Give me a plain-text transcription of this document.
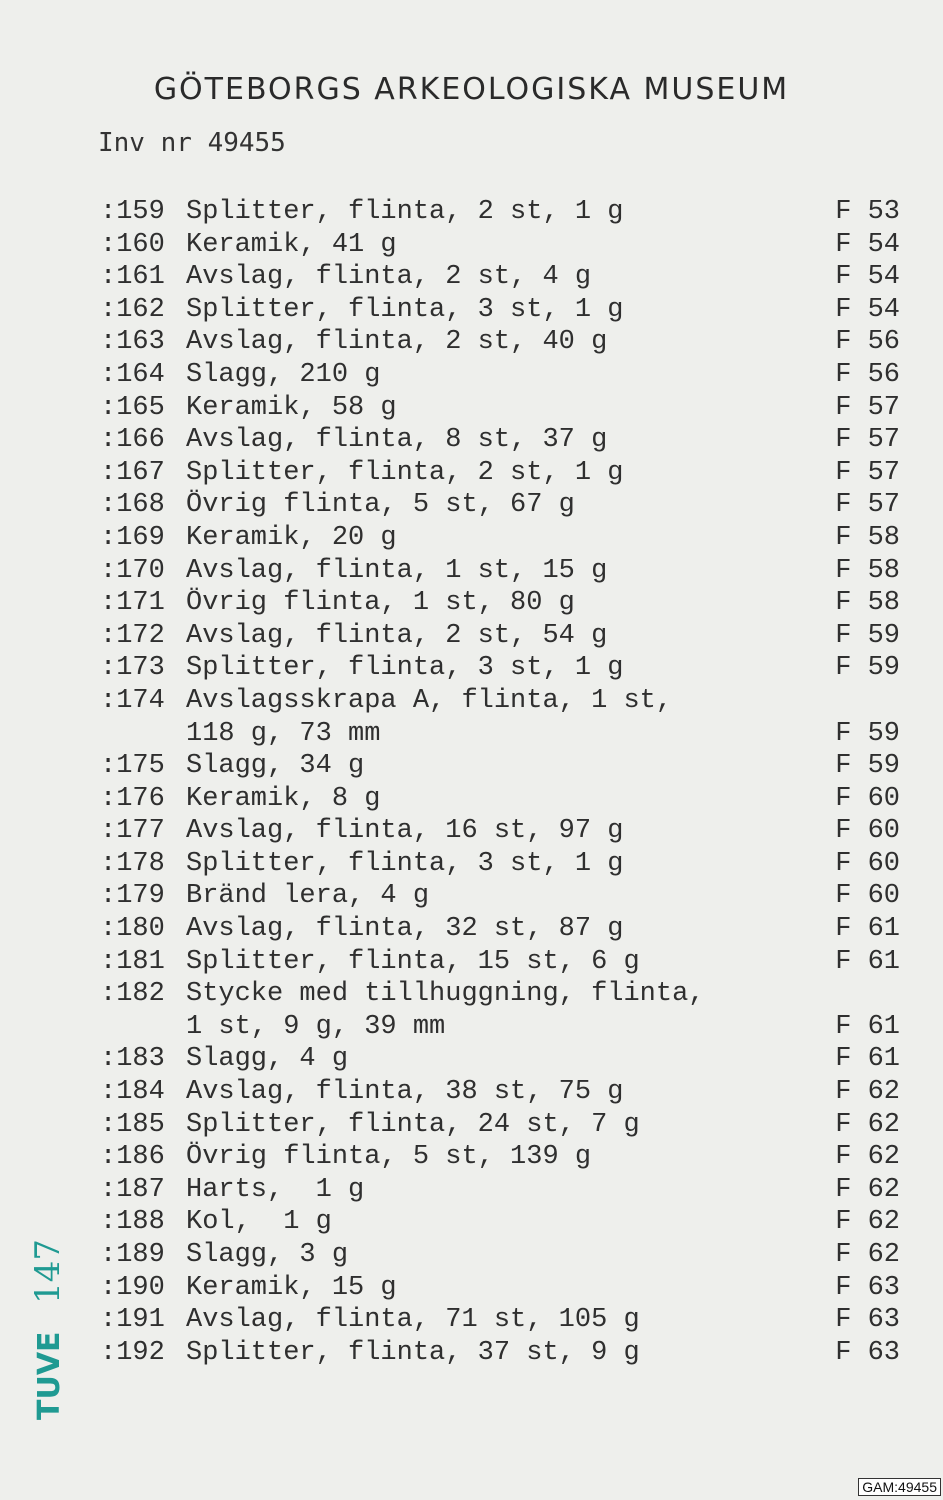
GÖTEBORGS ARKEOLOGISKA MUSEUM
Inv nr 49455
:159 Splitter, flinta, 2 st, 1 g	F 53
:160 Keramik, 41 g	F 54
:161 Avslag, flinta, 2 st, 4 g	F 54
:162 Splitter, flinta, 3 st, 1 g	F 54
:163 Avslag, flinta, 2 st, 40 g	F 56
:164 Slagg, 210 g	F 56
:165 Keramik, 58 g	F 57
:166 Avslag, flinta, 8 st, 37 g	F 57
:167 Splitter, flinta, 2 st, 1 g	F 57
:168 Övrig flinta, 5 st, 67 g	F 57
:169 Keramik, 20 g	F 58
:170 Avslag, flinta, 1 st, 15 g	F 58
:171 Övrig flinta, 1 st, 80 g	F 58
:172 Avslag, flinta, 2 st, 54 g	F 59
:173 Splitter, flinta, 3 st, 1 g	F 59
:174 Avslagsskrapa A, flinta, 1 st,
118 g, 73 mm	F 59
:175 Slagg, 34 g	F 59
:176 Keramik, 8 g	F 60
:177 Avslag, flinta, 16 st, 97 g	F 60
:178 Splitter, flinta, 3 st, 1 g	F 60
:179 Bränd lera, 4 g	F 60
:180 Avslag, flinta, 32 st, 87 g	F 61
:181 Splitter, flinta, 15 st, 6 g	F 61
:182 Stycke med tillhuggning, flinta,
1 st, 9 g, 39 mm	F 61
:183 Slagg, 4 g	F 61
:184 Avslag, flinta, 38 st, 75 g	F 62
:185 Splitter, flinta, 24 st, 7 g	F 62
:186 Övrig flinta, 5 st, 139 g	F 62
:187 Harts,  1 g	F 62
:188 Kol,  1 g	F 62
:189 Slagg, 3 g	F 62
:190 Keramik, 15 g	F 63
:191 Avslag, flinta, 71 st, 105 g	F 63
:192 Splitter, flinta, 37 st, 9 g	F 63
TUVE 147
GAM:49455
